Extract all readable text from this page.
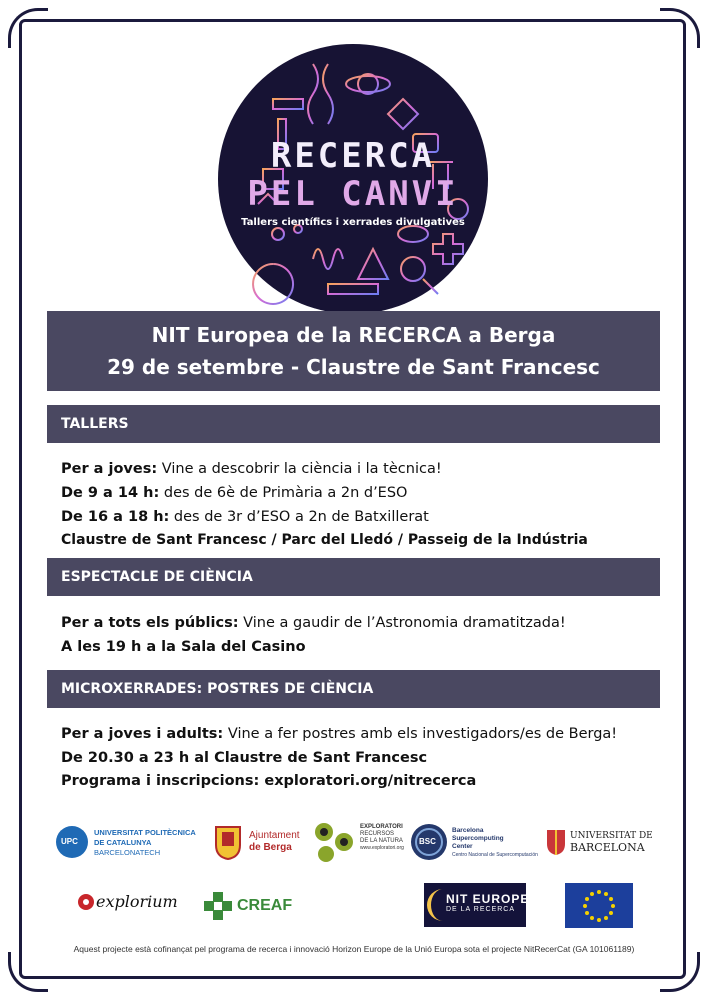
RECERCA
PEL CANVI
Tallers científics i xerrades divulgatives
NIT Europea de la RECERCA a Berga
29 de setembre - Claustre de Sant Francesc
TALLERS
Per a joves: Vine a descobrir la ciència i la tècnica!
De 9 a 14 h: des de 6è de Primària a 2n d’ESO
De 16 a 18 h: des de 3r d’ESO a 2n de Batxillerat
Claustre de Sant Francesc / Parc del Lledó / Passeig de la Indústria
ESPECTACLE DE CIÈNCIA
Per a tots els públics: Vine a gaudir de l’Astronomia dramatitzada!
A les 19 h a la Sala del Casino
MICROXERRADES: POSTRES DE CIÈNCIA
Per a joves i adults: Vine a fer postres amb els investigadors/es de Berga!
De 20.30 a 23 h al Claustre de Sant Francesc
Programa i inscripcions: exploratori.org/nitrecerca
UPC
UNIVERSITAT POLITÈCNICA
DE CATALUNYA
BARCELONATECH
Ajuntament
de Berga
EXPLORATORI
RECURSOS
DE LA NATURA
www.exploratori.org
BSC
Barcelona
Supercomputing
Center
Centro Nacional de Supercomputación
UNIVERSITAT DE
BARCELONA
explorium	CREAF	NIT EUROPEA
DE LA RECERCA
Aquest projecte està cofinançat pel programa de recerca i innovació Horizon Europe de la Unió Europa sota el projecte NitRecerCat (GA 101061189)
